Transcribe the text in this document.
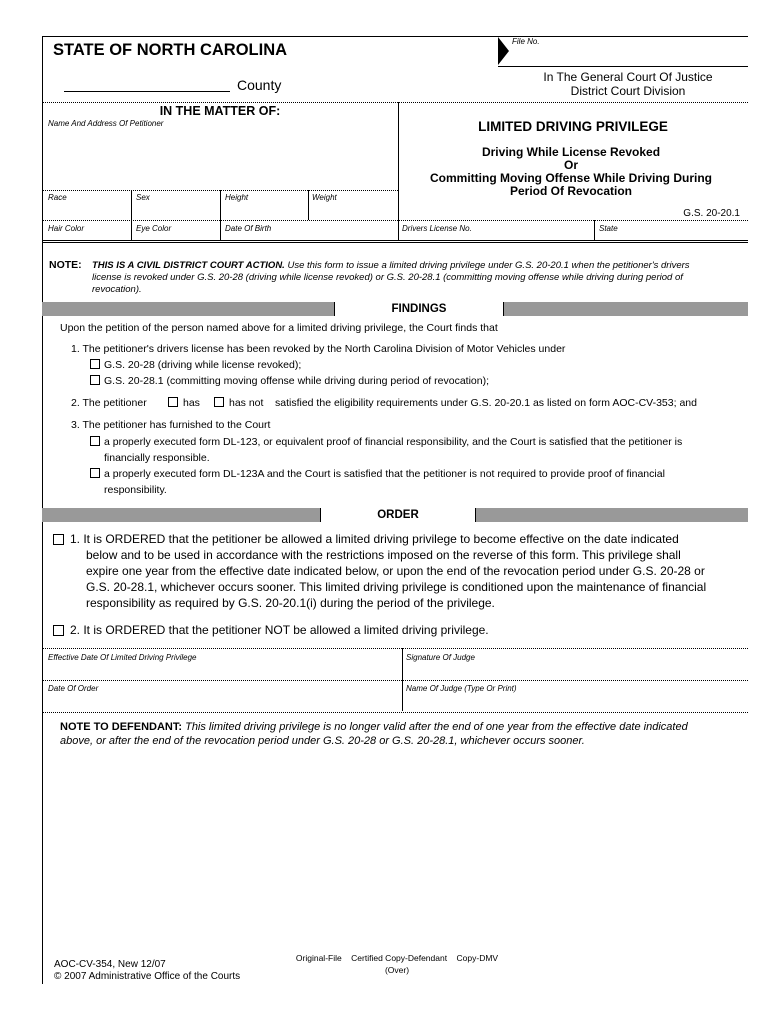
STATE OF NORTH CAROLINA
County
File No.
In The General Court Of Justice
District Court Division
IN THE MATTER OF:
Name And Address Of Petitioner
Race	Sex	Height	Weight
Hair Color	Eye Color	Date Of Birth	Drivers License No.	State
LIMITED DRIVING PRIVILEGE
Driving While License Revoked
Or
Committing Moving Offense While Driving During
Period Of Revocation
G.S. 20-20.1
NOTE: THIS IS A CIVIL DISTRICT COURT ACTION. Use this form to issue a limited driving privilege under G.S. 20-20.1 when the petitioner's drivers
license is revoked under G.S. 20-28 (driving while license revoked) or G.S. 20-28.1 (committing moving offense while driving during period of
revocation).
FINDINGS
Upon the petition of the person named above for a limited driving privilege, the Court finds that
1. The petitioner's drivers license has been revoked by the North Carolina Division of Motor Vehicles under
G.S. 20-28 (driving while license revoked);
G.S. 20-28.1 (committing moving offense while driving during period of revocation);
2. The petitioner	has	has not satisfied the eligibility requirements under G.S. 20-20.1 as listed on form AOC-CV-353; and
3. The petitioner has furnished to the Court
a properly executed form DL-123, or equivalent proof of financial responsibility, and the Court is satisfied that the petitioner is
financially responsible.
a properly executed form DL-123A and the Court is satisfied that the petitioner is not required to provide proof of financial
responsibility.
ORDER
1. It is ORDERED that the petitioner be allowed a limited driving privilege to become effective on the date indicated
below and to be used in accordance with the restrictions imposed on the reverse of this form. This privilege shall
expire one year from the effective date indicated below, or upon the end of the revocation period under G.S. 20-28 or
G.S. 20-28.1, whichever occurs sooner. This limited driving privilege is conditioned upon the maintenance of financial
responsibility as required by G.S. 20-20.1(i) during the period of the privilege.
2. It is ORDERED that the petitioner NOT be allowed a limited driving privilege.
Effective Date Of Limited Driving Privilege	Signature Of Judge
Date Of Order	Name Of Judge (Type Or Print)
NOTE TO DEFENDANT: This limited driving privilege is no longer valid after the end of one year from the effective date indicated
above, or after the end of the revocation period under G.S. 20-28 or G.S. 20-28.1, whichever occurs sooner.
AOC-CV-354, New 12/07
© 2007 Administrative Office of the Courts
Original-File    Certified Copy-Defendant    Copy-DMV
(Over)
